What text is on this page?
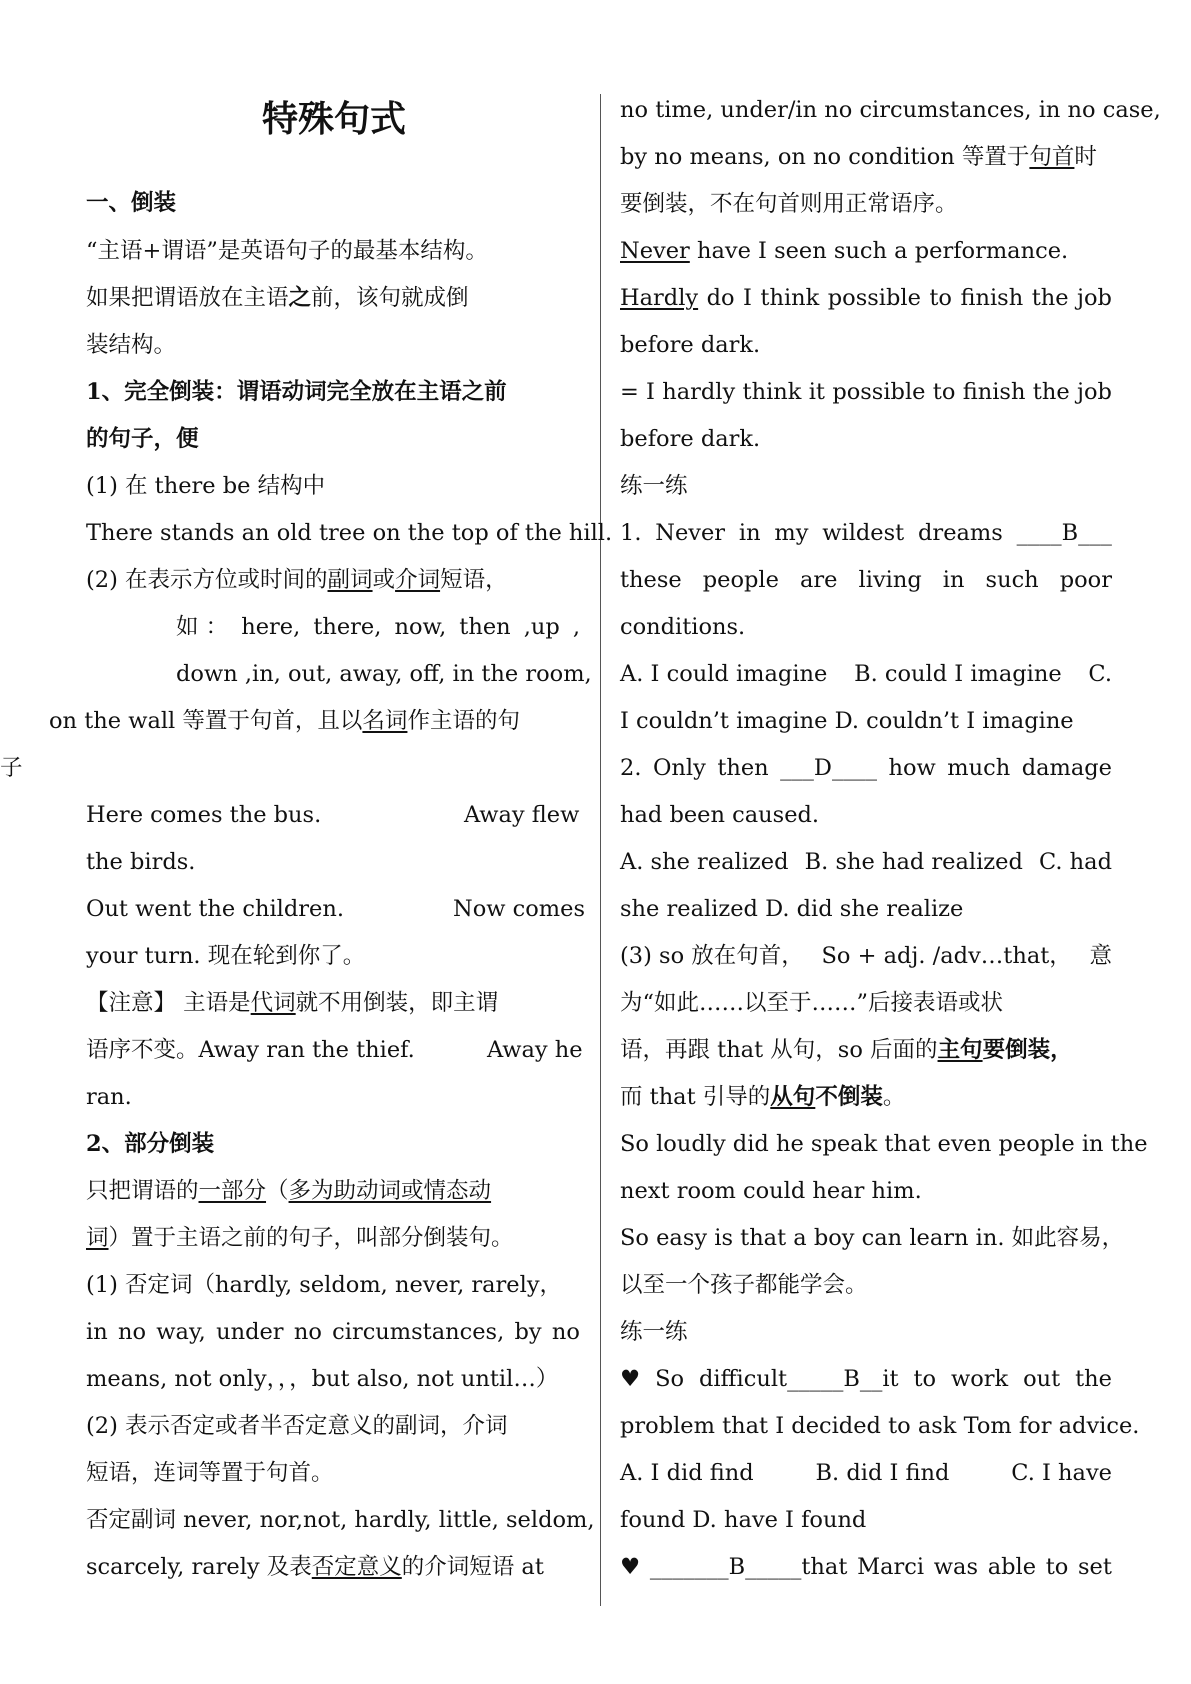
特殊句式
一、倒装
“主语+谓语”是英语句子的最基本结构。
如果把谓语放在主语之前，该句就成倒
装结构。
1、完全倒装：谓语动词完全放在主语之前
的句子，便
(1) 在 there be 结构中
There stands an old tree on the top of the hill.
(2) 在表示方位或时间的副词或介词短语，
如 ： here, there, now, then ,up ,
down ,in, out, away, off, in the room,
on the wall 等置于句首，且以名词作主语的句
子
Here comes the bus.	Away flew
the birds.
Out went the children.	Now comes
your turn. 现在轮到你了。
【注意】 主语是代词就不用倒装，即主谓
语序不变。Away ran the thief.	Away he
ran.
2、部分倒装
只把谓语的一部分（多为助动词或情态动
词）置于主语之前的句子，叫部分倒装句。
(1) 否定词（hardly, seldom, never, rarely，
in no way, under no circumstances, by no
means, not only，，，but also, not until…）
(2) 表示否定或者半否定意义的副词，介词
短语，连词等置于句首。
否定副词 never, nor,not, hardly, little, seldom,
scarcely, rarely 及表否定意义的介词短语 at
no time, under/in no circumstances, in no case,
by no means, on no condition 等置于句首时
要倒装，不在句首则用正常语序。
Never have I seen such a performance.
Hardly do I think possible to finish the job
before dark.
= I hardly think it possible to finish the job
before dark.
练一练
1. Never in my wildest dreams ____B___
these people are living in such poor
conditions.
A. I could imagine B. could I imagine C.
I couldn’t imagine D. couldn’t I imagine
2. Only then ___D____ how much damage
had been caused.
A. she realized B. she had realized C. had
she realized D. did she realize
(3) so 放在句首， So + adj. /adv…that， 意
为“如此……以至于……”后接表语或状
语，再跟 that 从句，so 后面的主句要倒装，
而 that 引导的从句不倒装。
So loudly did he speak that even people in the
next room could hear him.
So easy is that a boy can learn in. 如此容易，
以至一个孩子都能学会。
练一练
♥ So difficult_____B__it to work out the
problem that I decided to ask Tom for advice.
A. I did find	B. did I find	C. I have
found D. have I found
♥ _______B_____that Marci was able to set
